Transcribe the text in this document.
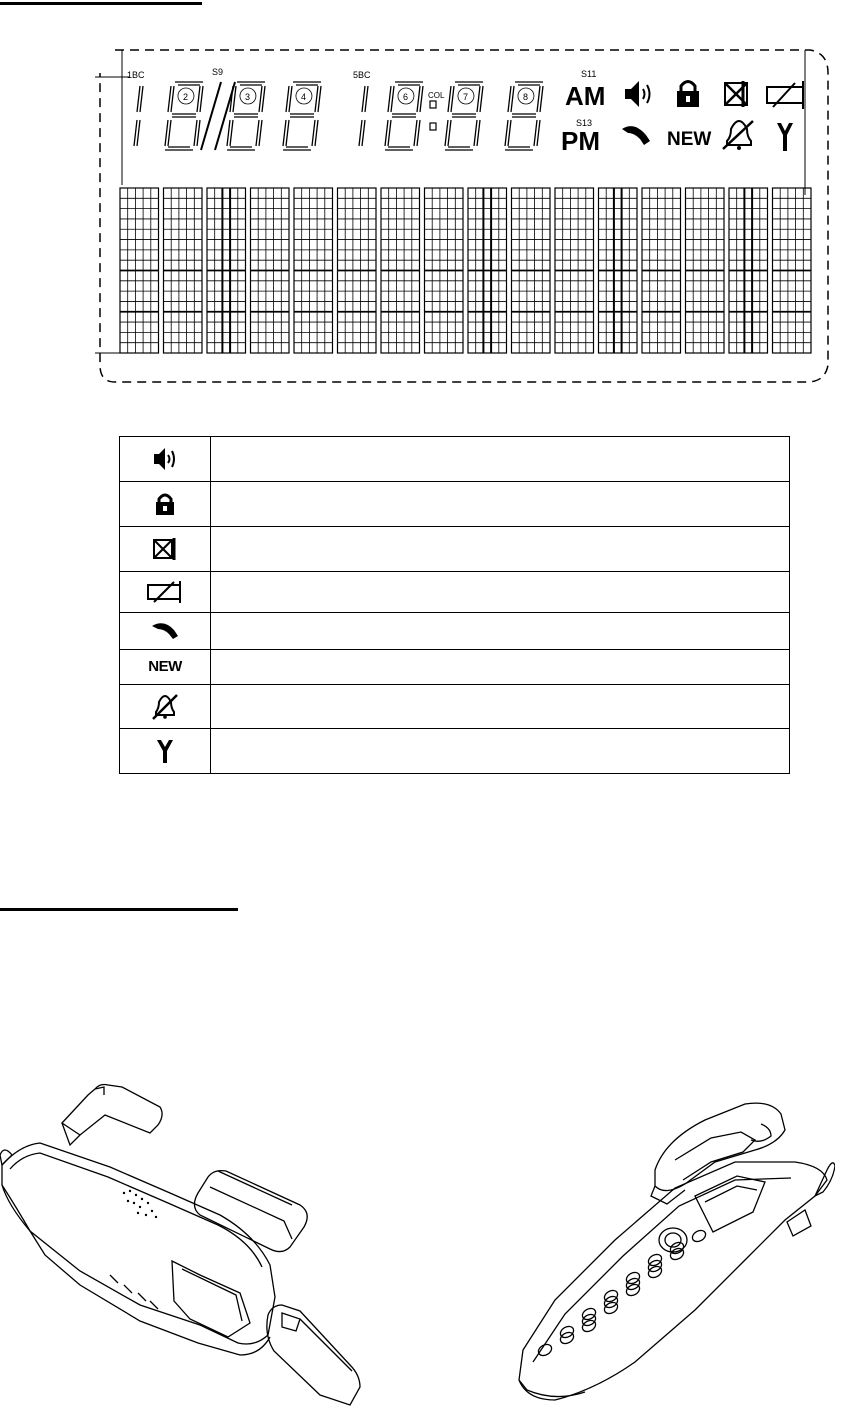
1BC	S9	5BC
COL
S11
S13
2	3	4	6	7	8 AM
PM	NEW

NEW	
